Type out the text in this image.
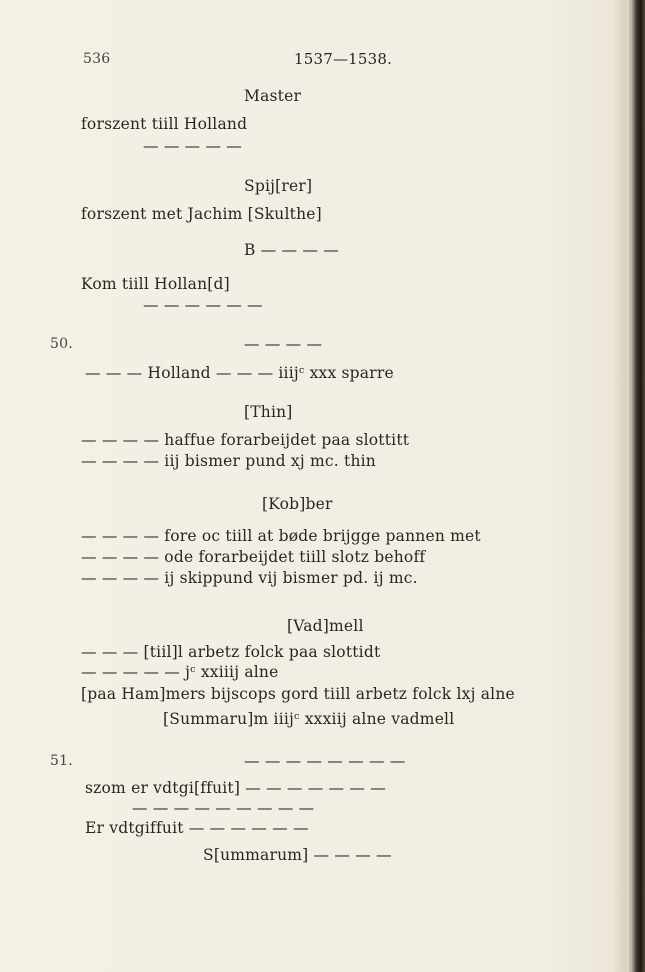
536	1537—1538.
Master
forszent tiill Holland
— — — — —
Spij[rer]
forszent met Jachim [Skulthe]
B — — — —
Kom tiill Hollan[d]
— — — — — —
50.	— — — —
— — — Holland — — — iiijᶜ xxx sparre
[Thin]
— — — — haffue forarbeijdet paa slottitt
— — — — iij bismer pund xj mc. thin
[Kob]ber
— — — — fore oc tiill at bøde brijgge pannen met
— — — — ode forarbeijdet tiill slotz behoff
— — — — ij skippund vij bismer pd. ij mc.
[Vad]mell
— — — [tiil]l arbetz folck paa slottidt
— — — — — jᶜ xxiiij alne
[paa Ham]mers bijscops gord tiill arbetz folck lxj alne
[Summaru]m iiijᶜ xxxiij alne vadmell
51.	— — — — — — — —
szom er vdtgi[ffuit] — — — — — — —
— — — — — — — — —
Er vdtgiffuit — — — — — —
S[ummarum] — — — —
